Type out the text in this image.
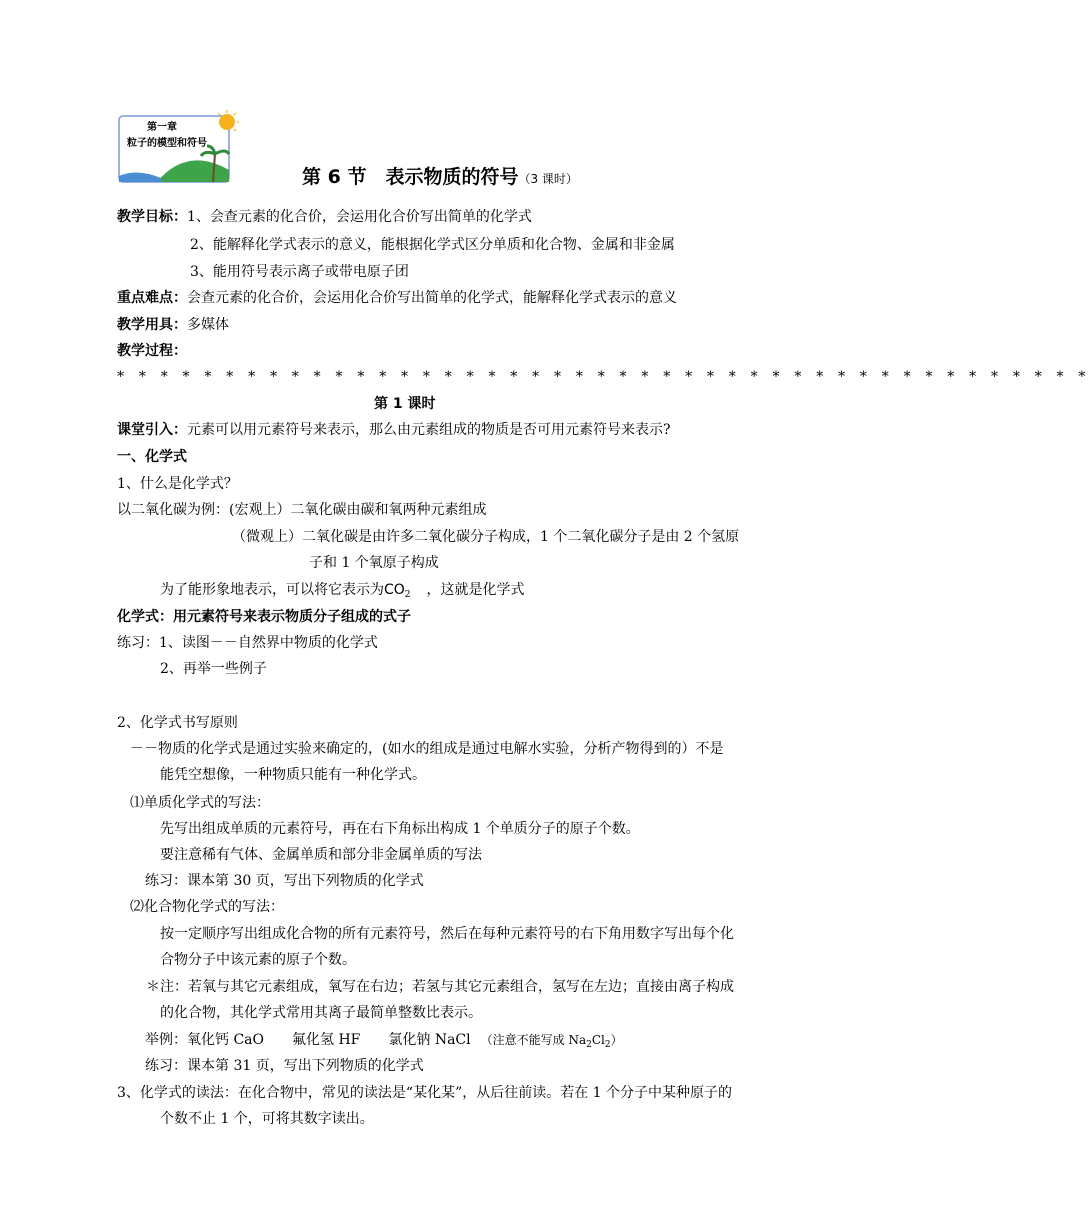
第一章
粒子的模型和符号
第 6 节　表示物质的符号（3 课时）
教学目标：1、会查元素的化合价，会运用化合价写出简单的化学式
2、能解释化学式表示的意义，能根据化学式区分单质和化合物、金属和非金属
3、能用符号表示离子或带电原子团
重点难点：会查元素的化合价，会运用化合价写出简单的化学式，能解释化学式表示的意义
教学用具：多媒体
教学过程：
* * * * * * * * * * * * * * * * * * * * * * * * * * * * * * * * * * * * * * * * * * * * *
第 1 课时
课堂引入：元素可以用元素符号来表示，那么由元素组成的物质是否可用元素符号来表示?
一、化学式
1、什么是化学式？
以二氧化碳为例：(宏观上）二氧化碳由碳和氧两种元素组成
（微观上）二氧化碳是由许多二氧化碳分子构成，1 个二氧化碳分子是由 2 个氢原
子和 1 个氧原子构成
为了能形象地表示，可以将它表示为$CO_2$ ，这就是化学式
化学式：用元素符号来表示物质分子组成的式子
练习：1、读图－－自然界中物质的化学式
2、再举一些例子
2、化学式书写原则
－－物质的化学式是通过实验来确定的，(如水的组成是通过电解水实验，分析产物得到的）不是
能凭空想像，一种物质只能有一种化学式。
⑴单质化学式的写法：
先写出组成单质的元素符号，再在右下角标出构成 1 个单质分子的原子个数。
要注意稀有气体、金属单质和部分非金属单质的写法
练习：课本第 30 页，写出下列物质的化学式
⑵化合物化学式的写法：
按一定顺序写出组成化合物的所有元素符号，然后在每种元素符号的右下角用数字写出每个化
合物分子中该元素的原子个数。
＊注：若氧与其它元素组成，氧写在右边；若氢与其它元素组合，氢写在左边；直接由离子构成
的化合物，其化学式常用其离子最简单整数比表示。
举例：氧化钙 CaO 氟化氢 HF 氯化钠 NaCl （注意不能写成 $Na_2Cl_2$）
练习：课本第 31 页，写出下列物质的化学式
3、化学式的读法：在化合物中，常见的读法是“某化某”，从后往前读。若在 1 个分子中某种原子的
个数不止 1 个，可将其数字读出。
